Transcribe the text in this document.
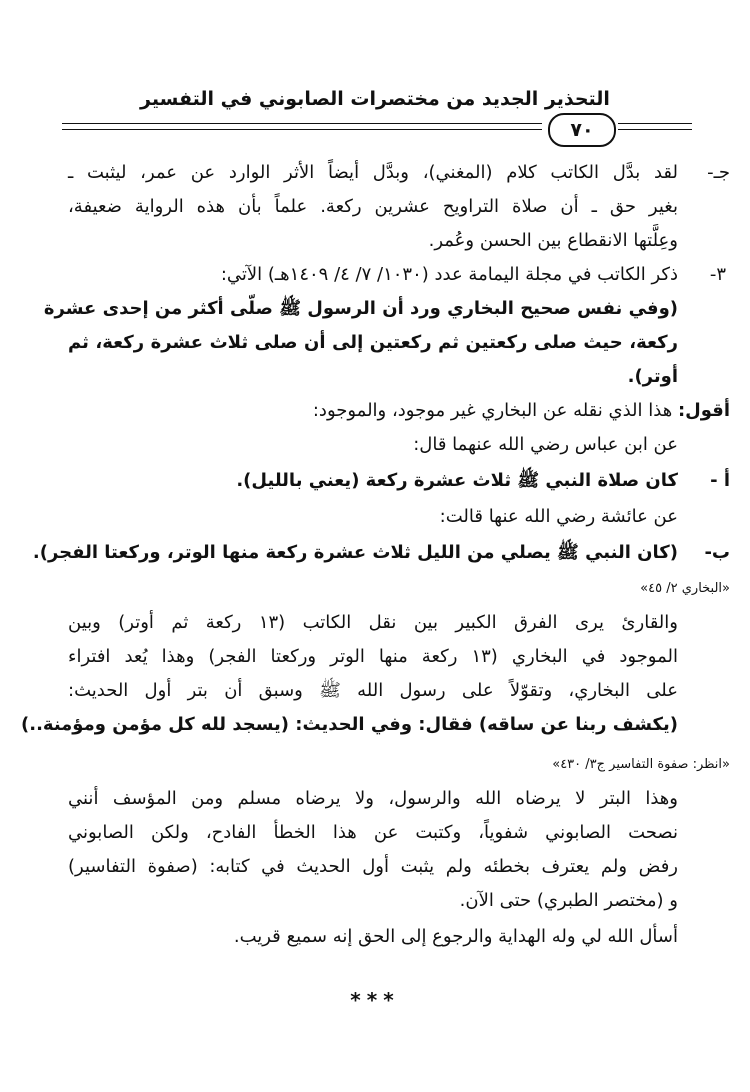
التحذير الجديد من مختصرات الصابوني في التفسير
٧٠
جـ-
لقد بدَّل الكاتب كلام (المغني)، وبدَّل أيضاً الأثر الوارد عن عمر، ليثبت ـ
بغير حق ـ أن صلاة التراويح عشرين ركعة. علماً بأن هذه الرواية ضعيفة،
وعِلَّتها الانقطاع بين الحسن وعُمر.
٣-
ذكر الكاتب في مجلة اليمامة عدد (١٠٣٠/ ٧/ ٤/ ١٤٠٩هـ) الآتي:
(وفي نفس صحيح البخاري ورد أن الرسول ﷺ صلّى أكثر من إحدى عشرة
ركعة، حيث صلى ركعتين ثم ركعتين إلى أن صلى ثلاث عشرة ركعة، ثم
أوتر).
أقول: هذا الذي نقله عن البخاري غير موجود، والموجود:
عن ابن عباس رضي الله عنهما قال:
أ -
كان صلاة النبي ﷺ ثلاث عشرة ركعة (يعني بالليل).
عن عائشة رضي الله عنها قالت:
ب-
(كان النبي ﷺ يصلي من الليل ثلاث عشرة ركعة منها الوتر، وركعتا الفجر).
«البخاري ٢/ ٤٥»
والقارئ يرى الفرق الكبير بين نقل الكاتب (١٣ ركعة ثم أوتر) وبين
الموجود في البخاري (١٣ ركعة منها الوتر وركعتا الفجر) وهذا يُعد افتراء
على البخاري، وتقوّلاً على رسول الله ﷺ وسبق أن بتر أول الحديث:
(يكشف ربنا عن ساقه) فقال: وفي الحديث: (يسجد لله كل مؤمن ومؤمنة..)
«انظر: صفوة التفاسير ج٣/ ٤٣٠»
وهذا البتر لا يرضاه الله والرسول، ولا يرضاه مسلم ومن المؤسف أنني
نصحت الصابوني شفوياً، وكتبت عن هذا الخطأ الفادح، ولكن الصابوني
رفض ولم يعترف بخطئه ولم يثبت أول الحديث في كتابه: (صفوة التفاسير)
و (مختصر الطبري) حتى الآن.
أسأل الله لي وله الهداية والرجوع إلى الحق إنه سميع قريب.
***
